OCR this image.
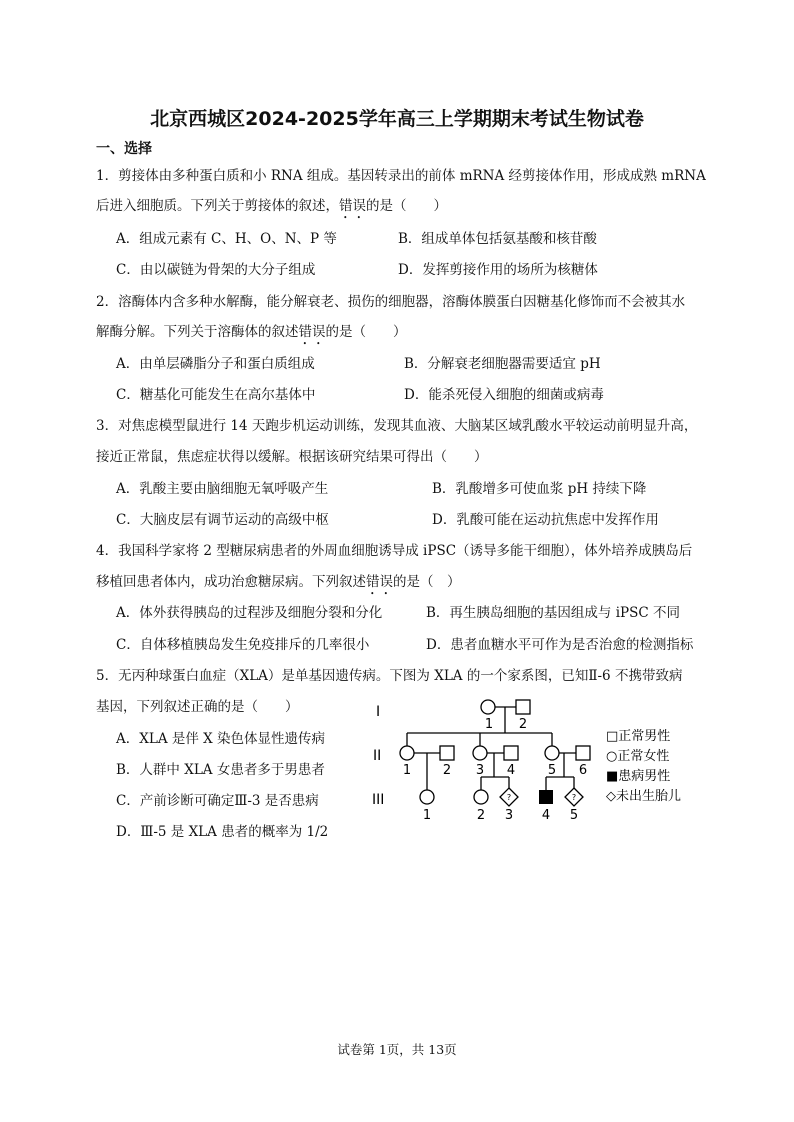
北京西城区2024-2025学年高三上学期期末考试生物试卷
一、选择
1．剪接体由多种蛋白质和小 RNA 组成。基因转录出的前体 mRNA 经剪接体作用，形成成熟 mRNA
后进入细胞质。下列关于剪接体的叙述，错误的是（　　）
A．组成元素有 C、H、O、N、P 等	B．组成单体包括氨基酸和核苷酸
C．由以碳链为骨架的大分子组成	D．发挥剪接作用的场所为核糖体
2．溶酶体内含多种水解酶，能分解衰老、损伤的细胞器，溶酶体膜蛋白因糖基化修饰而不会被其水
解酶分解。下列关于溶酶体的叙述错误的是（　　）
A．由单层磷脂分子和蛋白质组成	B．分解衰老细胞器需要适宜 pH
C．糖基化可能发生在高尔基体中	D．能杀死侵入细胞的细菌或病毒
3．对焦虑模型鼠进行 14 天跑步机运动训练，发现其血液、大脑某区域乳酸水平较运动前明显升高，
接近正常鼠，焦虑症状得以缓解。根据该研究结果可得出（　　）
A．乳酸主要由脑细胞无氧呼吸产生	B．乳酸增多可使血浆 pH 持续下降
C．大脑皮层有调节运动的高级中枢	D．乳酸可能在运动抗焦虑中发挥作用
4．我国科学家将 2 型糖尿病患者的外周血细胞诱导成 iPSC（诱导多能干细胞），体外培养成胰岛后
移植回患者体内，成功治愈糖尿病。下列叙述错误的是（　）
A．体外获得胰岛的过程涉及细胞分裂和分化	B．再生胰岛细胞的基因组成与 iPSC 不同
C．自体移植胰岛发生免疫排斥的几率很小	D．患者血糖水平可作为是否治愈的检测指标
5．无丙种球蛋白血症（XLA）是单基因遗传病。下图为 XLA 的一个家系图，已知Ⅱ-6 不携带致病
基因，下列叙述正确的是（　　）
A．XLA 是伴 X 染色体显性遗传病
B．人群中 XLA 女患者多于男患者
C．产前诊断可确定Ⅲ-3 是否患病
D．Ⅲ-5 是 XLA 患者的概率为 1/2
?	?
I
II
III
1 2
1 2 3 4	5 6
1	2 3 4 5
□正常男性
○正常女性
■患病男性
◇未出生胎儿
试卷第 1页，共 13页
